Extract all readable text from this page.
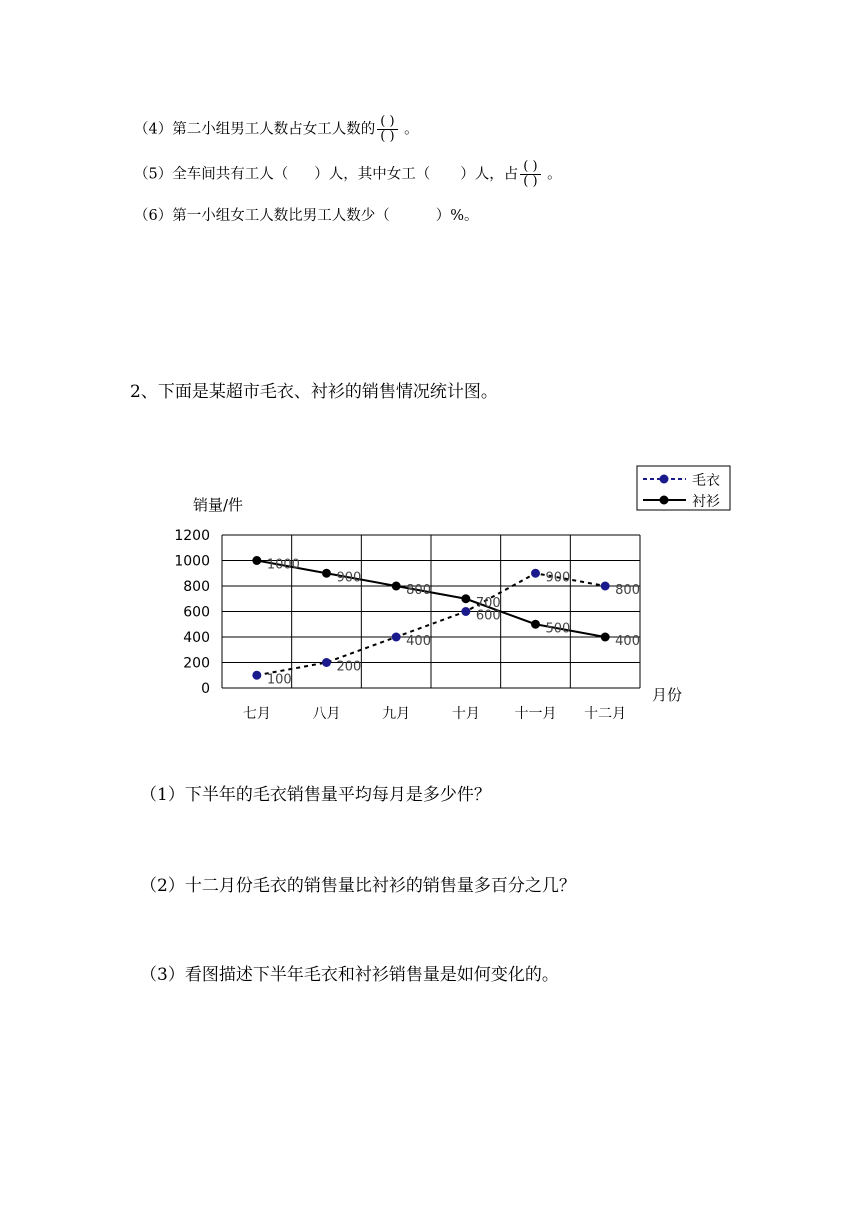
（4）第二小组男工人数占女工人数的 $\frac{( )}{( )}$ 。
（5）全车间共有工人（ ）人，其中女工（ ）人，占 $\frac{( )}{( )}$ 。
（6）第一小组女工人数比男工人数少（	）%。
2、下面是某超市毛衣、衬衫的销售情况统计图。
1200
1000
800
600
400
200
0
七月	八月	九月	十月 十一月 十二月
100
200
400
600
900
800
1000
900
800
700
500
400
销量/件
月份
毛衣
衬衫
（1）下半年的毛衣销售量平均每月是多少件？
（2）十二月份毛衣的销售量比衬衫的销售量多百分之几？
（3）看图描述下半年毛衣和衬衫销售量是如何变化的。
